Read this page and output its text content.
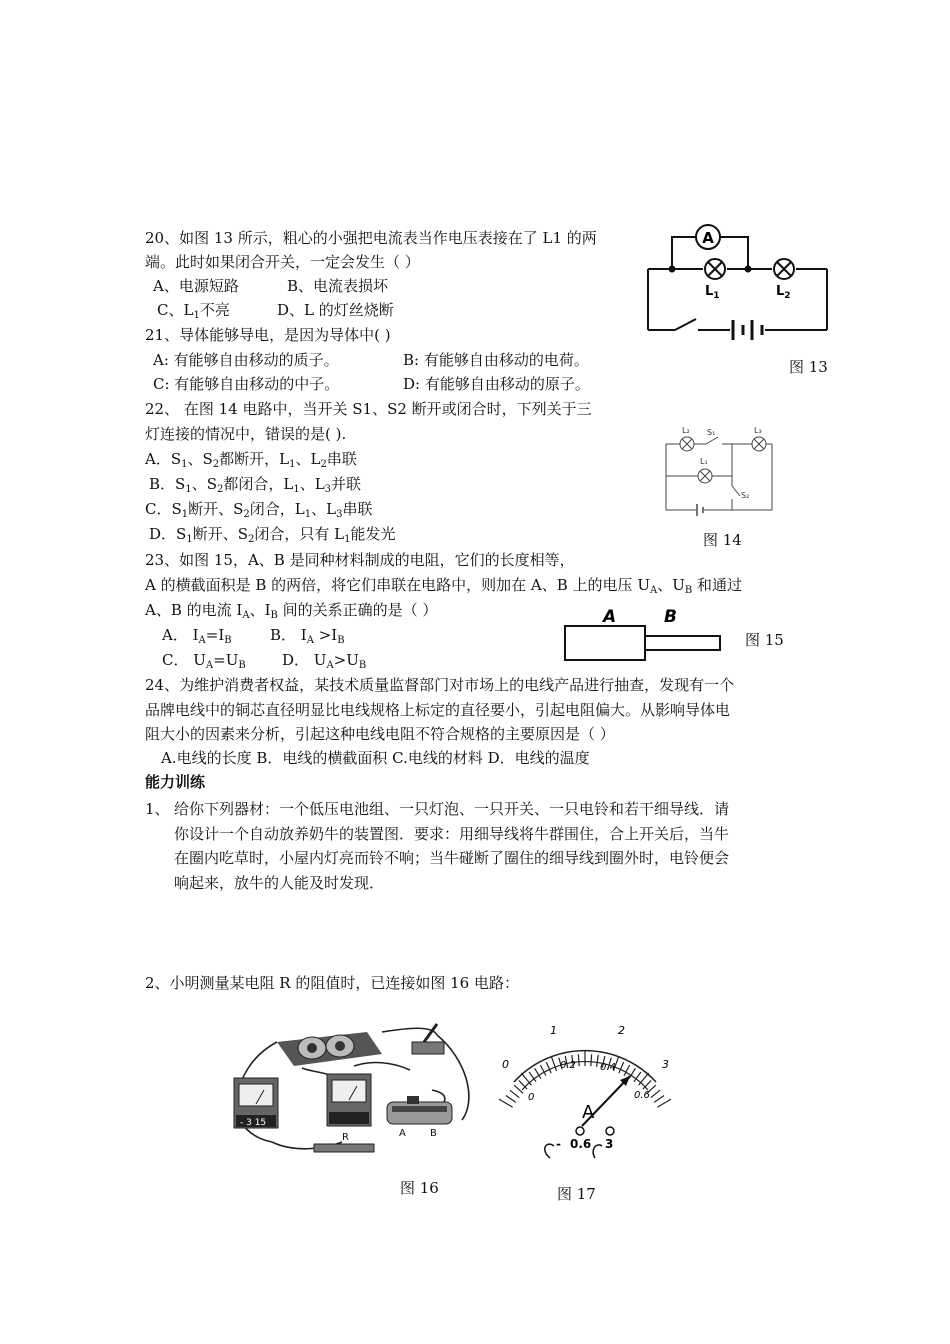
20、如图 13 所示，粗心的小强把电流表当作电压表接在了 L1 的两
端。此时如果闭合开关，一定会发生（ ）
A、电源短路	B、电流表损坏
C、$L_1$不亮	D、L 的灯丝烧断
21、导体能够导电，是因为导体中( )
A: 有能够自由移动的质子。	B: 有能够自由移动的电荷。
C: 有能够自由移动的中子。	D: 有能够自由移动的原子。
22、 在图 14 电路中，当开关 S1、S2 断开或闭合时，下列关于三
灯连接的情况中，错误的是( ).
A．$S_1$、$S_2$都断开，$L_1$、$L_2$串联
B．$S_1$、$S_2$都闭合，$L_1$、$L_3$并联
C．$S_1$断开、$S_2$闭合，$L_1$、$L_3$串联
D．$S_1$断开、$S_2$闭合，只有 $L_1$能发光
23、如图 15，A、B 是同种材料制成的电阻，它们的长度相等，
A 的横截面积是 B 的两倍，将它们串联在电路中，则加在 A、B 上的电压 $U_A$、$U_B$ 和通过
A、B 的电流 $I_A$、$I_B$ 间的关系正确的是（ ）
A． $I_A=I_B$	B． $I_A >I_B$
C． $U_A=U_B$ D． $U_A>U_B$
24、为维护消费者权益，某技术质量监督部门对市场上的电线产品进行抽查，发现有一个
品牌电线中的铜芯直径明显比电线规格上标定的直径要小，引起电阻偏大。从影响导体电
阻大小的因素来分析，引起这种电线电阻不符合规格的主要原因是（ ）
A.电线的长度 B．电线的横截面积 C.电线的材料 D．电线的温度
能力训练
1、 给你下列器材：一个低压电池组、一只灯泡、一只开关、一只电铃和若干细导线．请
你设计一个自动放养奶牛的装置图．要求：用细导线将牛群围住，合上开关后，当牛
在圈内吃草时，小屋内灯亮而铃不响；当牛碰断了圈住的细导线到圈外时，电铃便会
响起来，放牛的人能及时发现．
2、小明测量某电阻 R 的阻值时，已连接如图 16 电路：
A
$L_1$	$L_2$
图 13
L₂ S₁	L₃
L₁
S₂
图 14
A	B
图 15
- 3 15
A B
R
图 16
0
1	2
3
0
0.2 0.4
0.6
A
- 0.6 3
图 17
